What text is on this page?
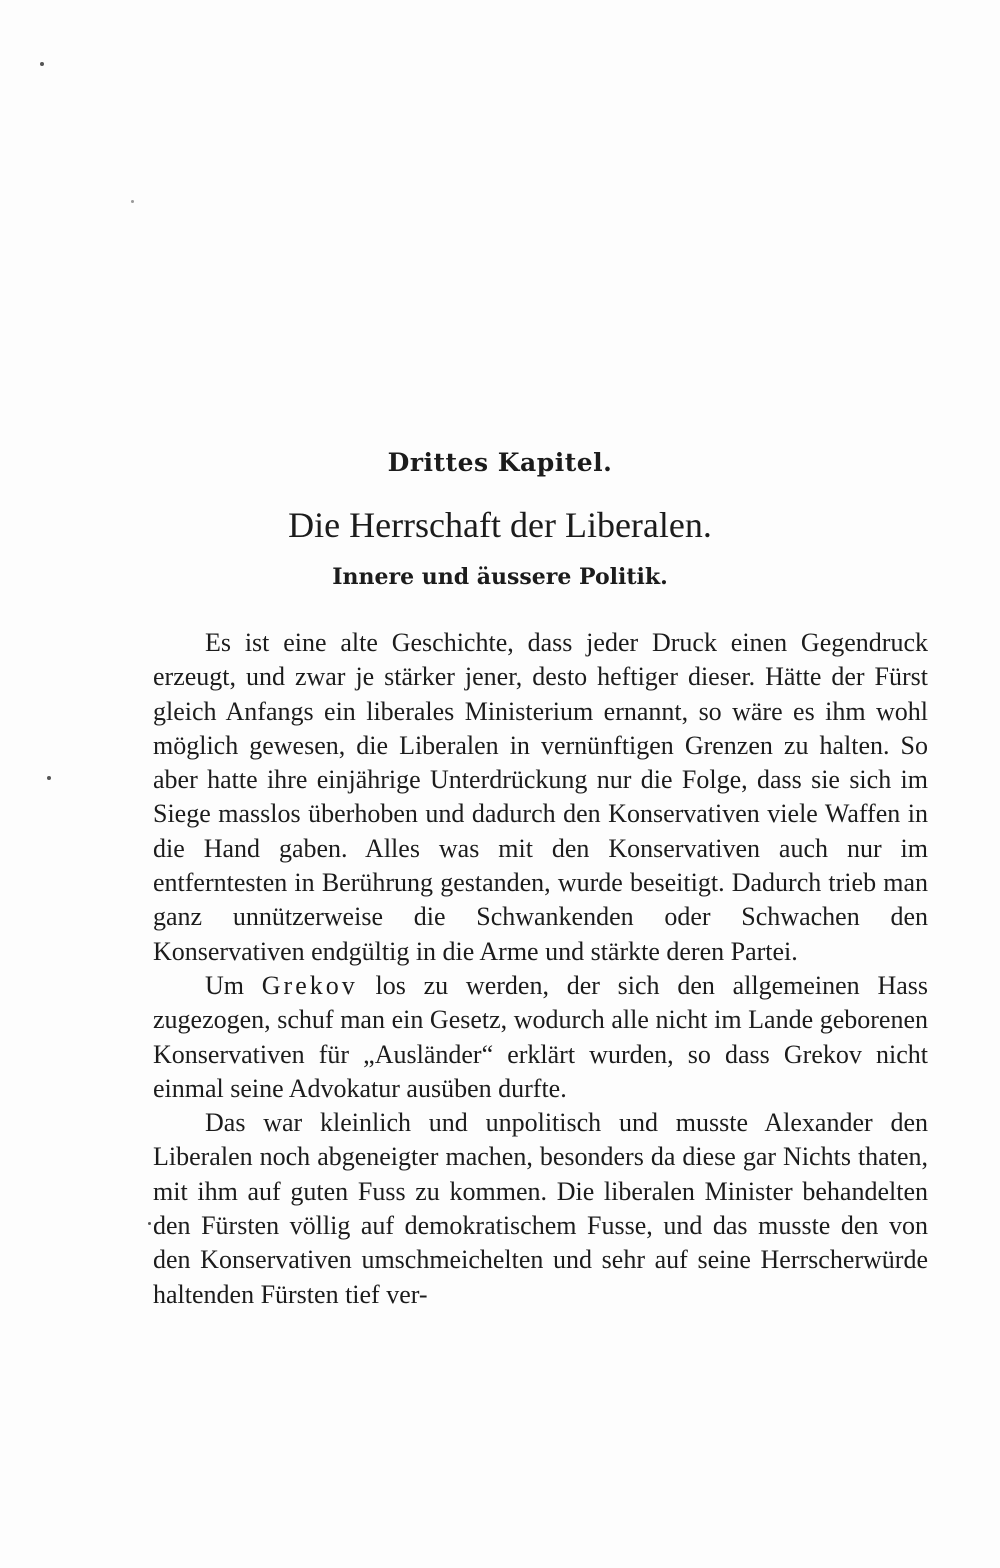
Drittes Kapitel.
Die Herrschaft der Liberalen.
Innere und äussere Politik.

Es ist eine alte Geschichte, dass jeder Druck einen Gegendruck erzeugt, und zwar je stärker jener, desto heftiger dieser. Hätte der Fürst gleich Anfangs ein liberales Ministerium ernannt, so wäre es ihm wohl möglich gewesen, die Liberalen in vernünftigen Grenzen zu halten. So aber hatte ihre einjährige Unterdrückung nur die Folge, dass sie sich im Siege masslos überhoben und dadurch den Konservativen viele Waffen in die Hand gaben. Alles was mit den Konservativen auch nur im entferntesten in Berührung gestanden, wurde beseitigt. Dadurch trieb man ganz unnützerweise die Schwankenden oder Schwachen den Konservativen endgültig in die Arme und stärkte deren Partei.

Um Grekov los zu werden, der sich den allgemeinen Hass zugezogen, schuf man ein Gesetz, wodurch alle nicht im Lande geborenen Konservativen für „Ausländer“ erklärt wurden, so dass Grekov nicht einmal seine Advokatur ausüben durfte.

Das war kleinlich und unpolitisch und musste Alexander den Liberalen noch abgeneigter machen, besonders da diese gar Nichts thaten, mit ihm auf guten Fuss zu kommen. Die liberalen Minister behandelten den Fürsten völlig auf demokratischem Fusse, und das musste den von den Konservativen umschmeichelten und sehr auf seine Herrscherwürde haltenden Fürsten tief ver-
